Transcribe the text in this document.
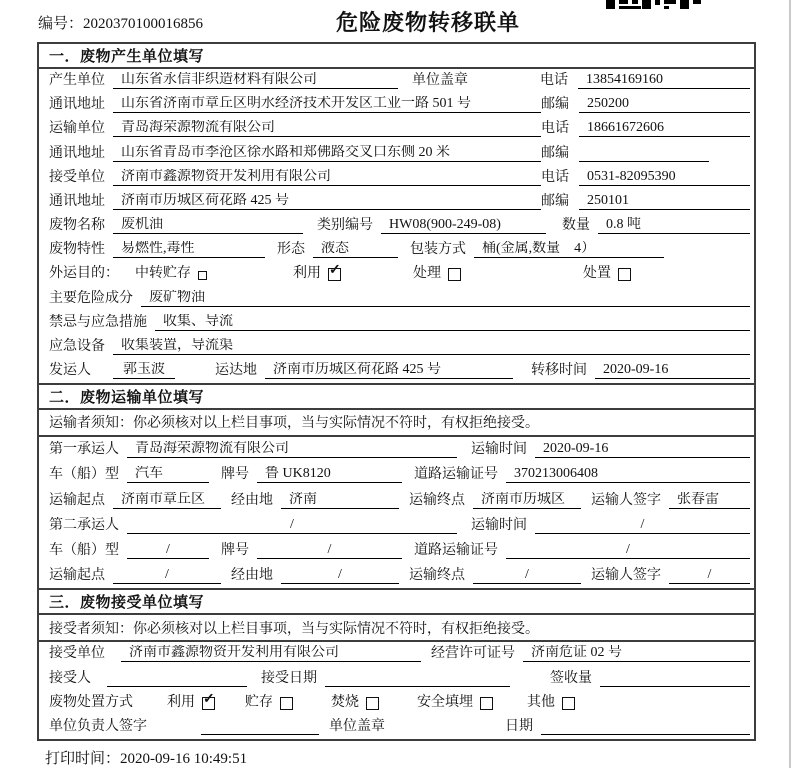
编号：2020370100016856	危险废物转移联单
一．废物产生单位填写
产生单位	山东省永信非织造材料有限公司	单位盖章	电话	13854169160
通讯地址	山东省济南市章丘区明水经济技术开发区工业一路 501 号	邮编	250200
运输单位	青岛海荣源物流有限公司	电话	18661672606
通讯地址	山东省青岛市李沧区徐水路和郑佛路交叉口东侧 20 米	邮编
接受单位	济南市鑫源物资开发利用有限公司	电话	0531-82095390
通讯地址	济南市历城区荷花路 425 号	邮编	250101
废物名称	废机油	类别编号	HW08(900-249-08)	数量	0.8 吨
废物特性	易燃性,毒性	形态	液态	包装方式	桶(金属,数量　4）
外运目的： 中转贮存	利用 ✓	处理	处置
主要危险成分	废矿物油
禁忌与应急措施	收集、导流
应急设备	收集装置，导流渠
发运人	郭玉波	运达地	济南市历城区荷花路 425 号	转移时间	2020-09-16
二．废物运输单位填写
运输者须知：你必须核对以上栏目事项，当与实际情况不符时，有权拒绝接受。
第一承运人	青岛海荣源物流有限公司	运输时间	2020-09-16
车（船）型	汽车	牌号	鲁 UK8120	道路运输证号	370213006408
运输起点	济南市章丘区	经由地	济南	运输终点	济南市历城区	运输人签字	张春雷
第二承运人	/	运输时间	/
车（船）型	/	牌号	/	道路运输证号	/
运输起点	/	经由地	/	运输终点	/	运输人签字	/
三．废物接受单位填写
接受者须知：你必须核对以上栏目事项，当与实际情况不符时，有权拒绝接受。
接受单位	济南市鑫源物资开发利用有限公司	经营许可证号	济南危证 02 号
接受人	接受日期	签收量
废物处置方式 利用 ✓ 贮存	焚烧	安全填埋	其他
单位负责人签字	单位盖章	日期
打印时间：2020-09-16 10:49:51
